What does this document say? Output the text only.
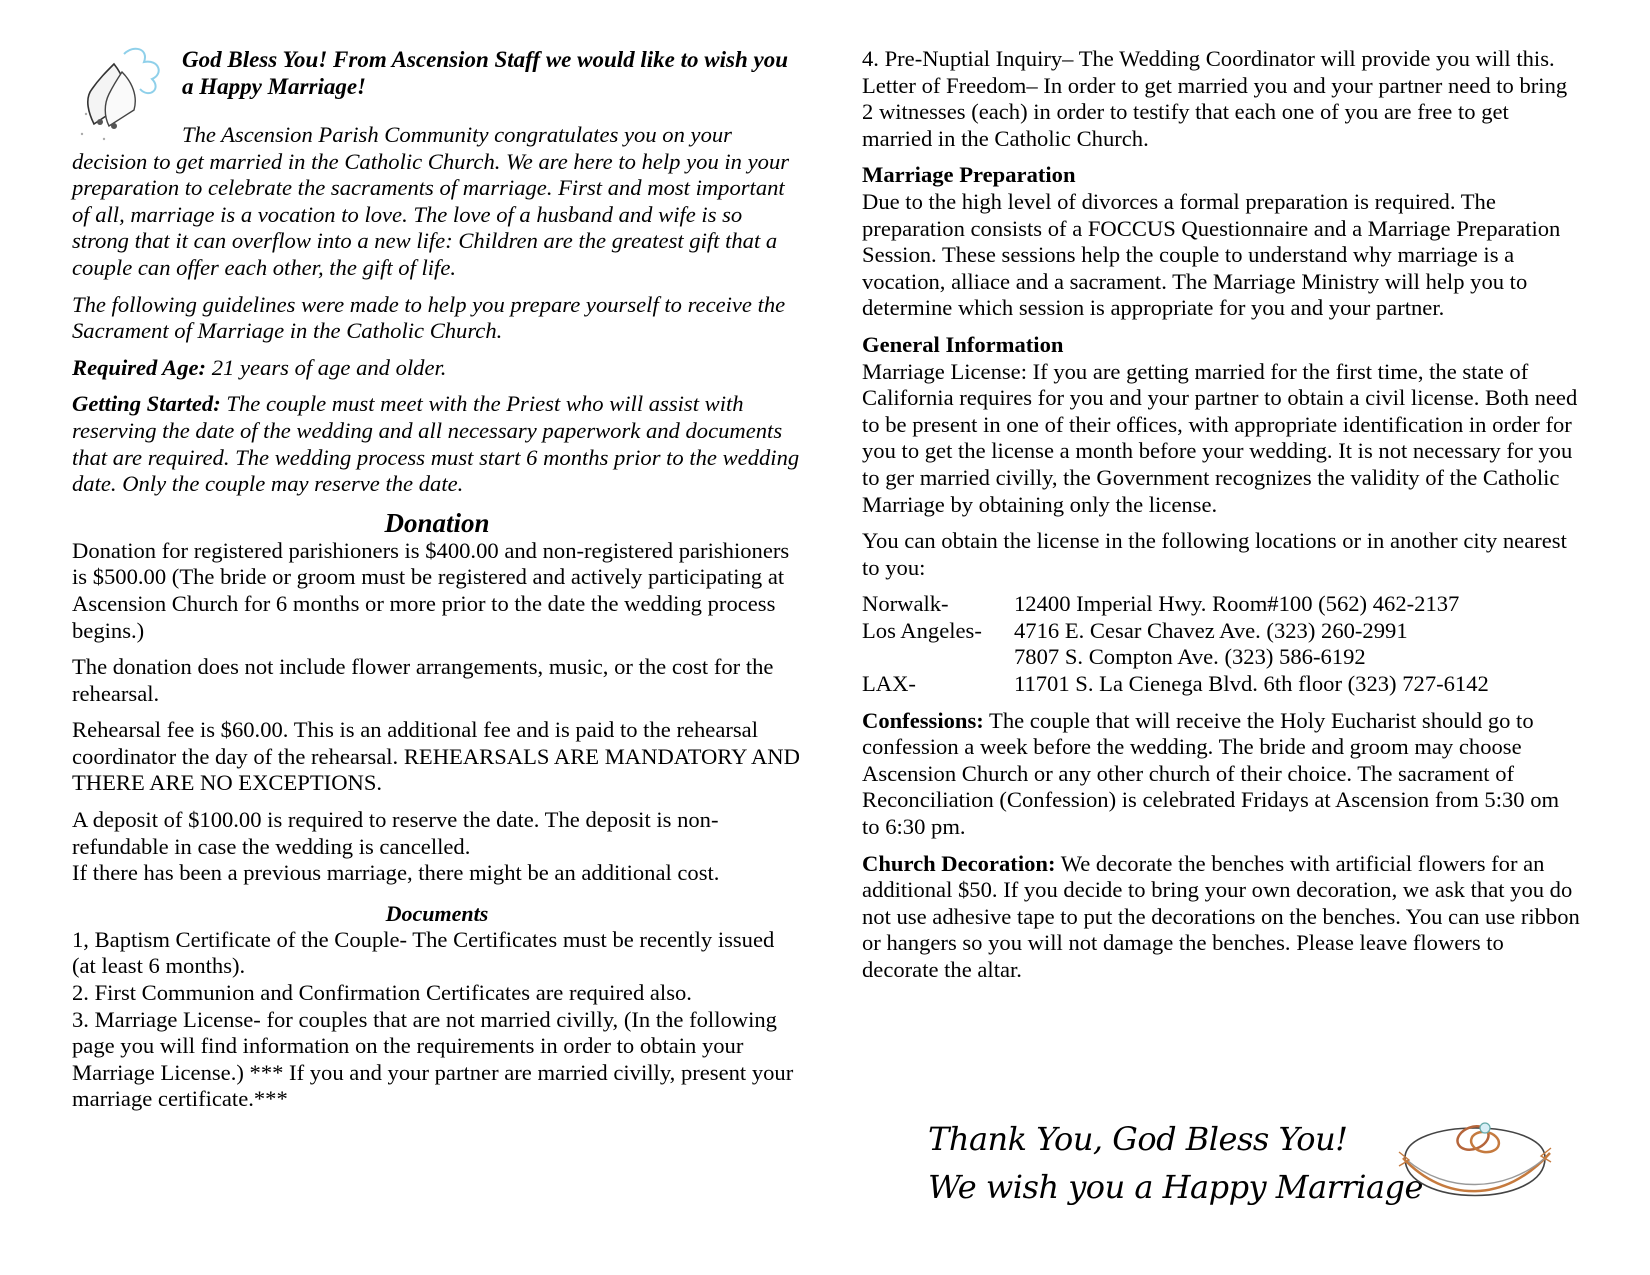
God Bless You! From Ascension Staff we would like to wish you a Happy Marriage!

The Ascension Parish Community congratulates you on your decision to get married in the Catholic Church. We are here to help you in your preparation to celebrate the sacraments of marriage. First and most important of all, marriage is a vocation to love. The love of a husband and wife is so strong that it can overflow into a new life: Children are the greatest gift that a couple can offer each other, the gift of life.

The following guidelines were made to help you prepare yourself to receive the Sacrament of Marriage in the Catholic Church.

Required Age: 21 years of age and older.

Getting Started: The couple must meet with the Priest who will assist with reserving the date of the wedding and all necessary paperwork and documents that are required. The wedding process must start 6 months prior to the wedding date. Only the couple may reserve the date.

Donation

Donation for registered parishioners is $400.00 and non-registered parishioners is $500.00 (The bride or groom must be registered and actively participating at Ascension Church for 6 months or more prior to the date the wedding process begins.)

The donation does not include flower arrangements, music, or the cost for the rehearsal.

Rehearsal fee is $60.00. This is an additional fee and is paid to the rehearsal coordinator the day of the rehearsal. REHEARSALS ARE MANDATORY AND THERE ARE NO EXCEPTIONS.

A deposit of $100.00 is required to reserve the date. The deposit is non-refundable in case the wedding is cancelled.

If there has been a previous marriage, there might be an additional cost.

Documents

1, Baptism Certificate of the Couple- The Certificates must be recently issued (at least 6 months).

2. First Communion and Confirmation Certificates are required also.

3. Marriage License- for couples that are not married civilly, (In the following page you will find information on the requirements in order to obtain your Marriage License.) *** If you and your partner are married civilly, present your marriage certificate.***

4. Pre-Nuptial Inquiry– The Wedding Coordinator will provide you will this.

Letter of Freedom– In order to get married you and your partner need to bring 2 witnesses (each) in order to testify that each one of you are free to get married in the Catholic Church.

Marriage Preparation

Due to the high level of divorces a formal preparation is required. The preparation consists of a FOCCUS Questionnaire and a Marriage Preparation Session. These sessions help the couple to understand why marriage is a vocation, alliace and a sacrament. The Marriage Ministry will help you to determine which session is appropriate for you and your partner.

General Information

Marriage License: If you are getting married for the first time, the state of California requires for you and your partner to obtain a civil license. Both need to be present in one of their offices, with appropriate identification in order for you to get the license a month before your wedding. It is not necessary for you to ger married civilly, the Government recognizes the validity of the Catholic Marriage by obtaining only the license.

You can obtain the license in the following locations or in another city nearest to you:

Norwalk-	12400 Imperial Hwy. Room#100 (562) 462-2137

Los Angeles-	4716 E. Cesar Chavez Ave. (323) 260-2991

7807 S. Compton Ave. (323) 586-6192

LAX-	11701 S. La Cienega Blvd. 6th floor (323) 727-6142

Confessions: The couple that will receive the Holy Eucharist should go to confession a week before the wedding. The bride and groom may choose Ascension Church or any other church of their choice. The sacrament of Reconciliation (Confession) is celebrated Fridays at Ascension from 5:30 om to 6:30 pm.

Church Decoration: We decorate the benches with artificial flowers for an additional $50. If you decide to bring your own decoration, we ask that you do not use adhesive tape to put the decorations on the benches. You can use ribbon or hangers so you will not damage the benches. Please leave flowers to decorate the altar.

Thank You, God Bless You!
We wish you a Happy Marriage
